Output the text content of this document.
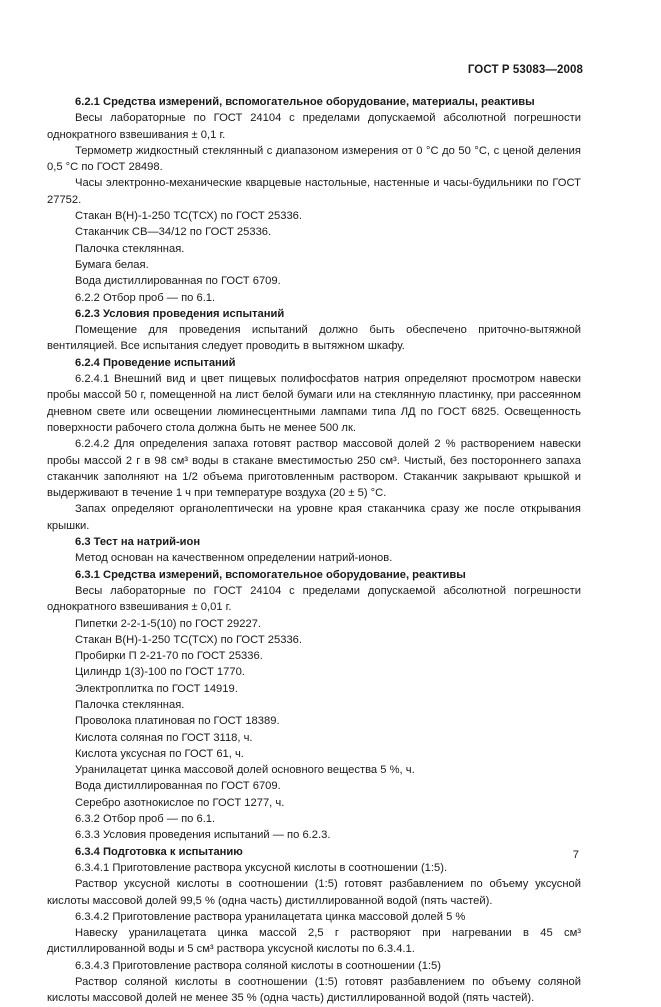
ГОСТ Р 53083—2008

6.2.1 Средства измерений, вспомогательное оборудование, материалы, реактивы

Весы лабораторные по ГОСТ 24104 с пределами допускаемой абсолютной погрешности однократного взвешивания ± 0,1 г.

Термометр жидкостный стеклянный с диапазоном измерения от 0 °С до 50 °С, с ценой деления 0,5 °С по ГОСТ 28498.

Часы электронно-механические кварцевые настольные, настенные и часы-будильники по ГОСТ 27752.

Стакан В(Н)-1-250 ТС(ТСХ) по ГОСТ 25336.

Стаканчик СВ—34/12 по ГОСТ 25336.

Палочка стеклянная.

Бумага белая.

Вода дистиллированная по ГОСТ 6709.

6.2.2 Отбор проб — по 6.1.

6.2.3 Условия проведения испытаний

Помещение для проведения испытаний должно быть обеспечено приточно-вытяжной вентиляцией. Все испытания следует проводить в вытяжном шкафу.

6.2.4 Проведение испытаний

6.2.4.1 Внешний вид и цвет пищевых полифосфатов натрия определяют просмотром навески пробы массой 50 г, помещенной на лист белой бумаги или на стеклянную пластинку, при рассеянном дневном свете или освещении люминесцентными лампами типа ЛД по ГОСТ 6825. Освещенность поверхности рабочего стола должна быть не менее 500 лк.

6.2.4.2 Для определения запаха готовят раствор массовой долей 2 % растворением навески пробы массой 2 г в 98 см³ воды в стакане вместимостью 250 см³. Чистый, без постороннего запаха стаканчик заполняют на 1/2 объема приготовленным раствором. Стаканчик закрывают крышкой и выдерживают в течение 1 ч при температуре воздуха (20 ± 5) °С.

Запах определяют органолептически на уровне края стаканчика сразу же после открывания крышки.

6.3 Тест на натрий-ион

Метод основан на качественном определении натрий-ионов.

6.3.1 Средства измерений, вспомогательное оборудование, реактивы

Весы лабораторные по ГОСТ 24104 с пределами допускаемой абсолютной погрешности однократного взвешивания ± 0,01 г.

Пипетки 2-2-1-5(10) по ГОСТ 29227.

Стакан В(Н)-1-250 ТС(ТСХ) по ГОСТ 25336.

Пробирки П 2-21-70 по ГОСТ 25336.

Цилиндр 1(3)-100 по ГОСТ 1770.

Электроплитка по ГОСТ 14919.

Палочка стеклянная.

Проволока платиновая по ГОСТ 18389.

Кислота соляная по ГОСТ 3118, ч.

Кислота уксусная по ГОСТ 61, ч.

Уранилацетат цинка массовой долей основного вещества 5 %, ч.

Вода дистиллированная по ГОСТ 6709.

Серебро азотнокислое по ГОСТ 1277, ч.

6.3.2 Отбор проб — по 6.1.

6.3.3 Условия проведения испытаний — по 6.2.3.

6.3.4 Подготовка к испытанию

6.3.4.1 Приготовление раствора уксусной кислоты в соотношении (1:5).

Раствор уксусной кислоты в соотношении (1:5) готовят разбавлением по объему уксусной кислоты массовой долей 99,5 % (одна часть) дистиллированной водой (пять частей).

6.3.4.2 Приготовление раствора уранилацетата цинка массовой долей 5 %

Навеску уранилацетата цинка массой 2,5 г растворяют при нагревании в 45 см³ дистиллированной воды и 5 см³ раствора уксусной кислоты по 6.3.4.1.

6.3.4.3 Приготовление раствора соляной кислоты в соотношении (1:5)

Раствор соляной кислоты в соотношении (1:5) готовят разбавлением по объему соляной кислоты массовой долей не менее 35 % (одна часть) дистиллированной водой (пять частей).

7
